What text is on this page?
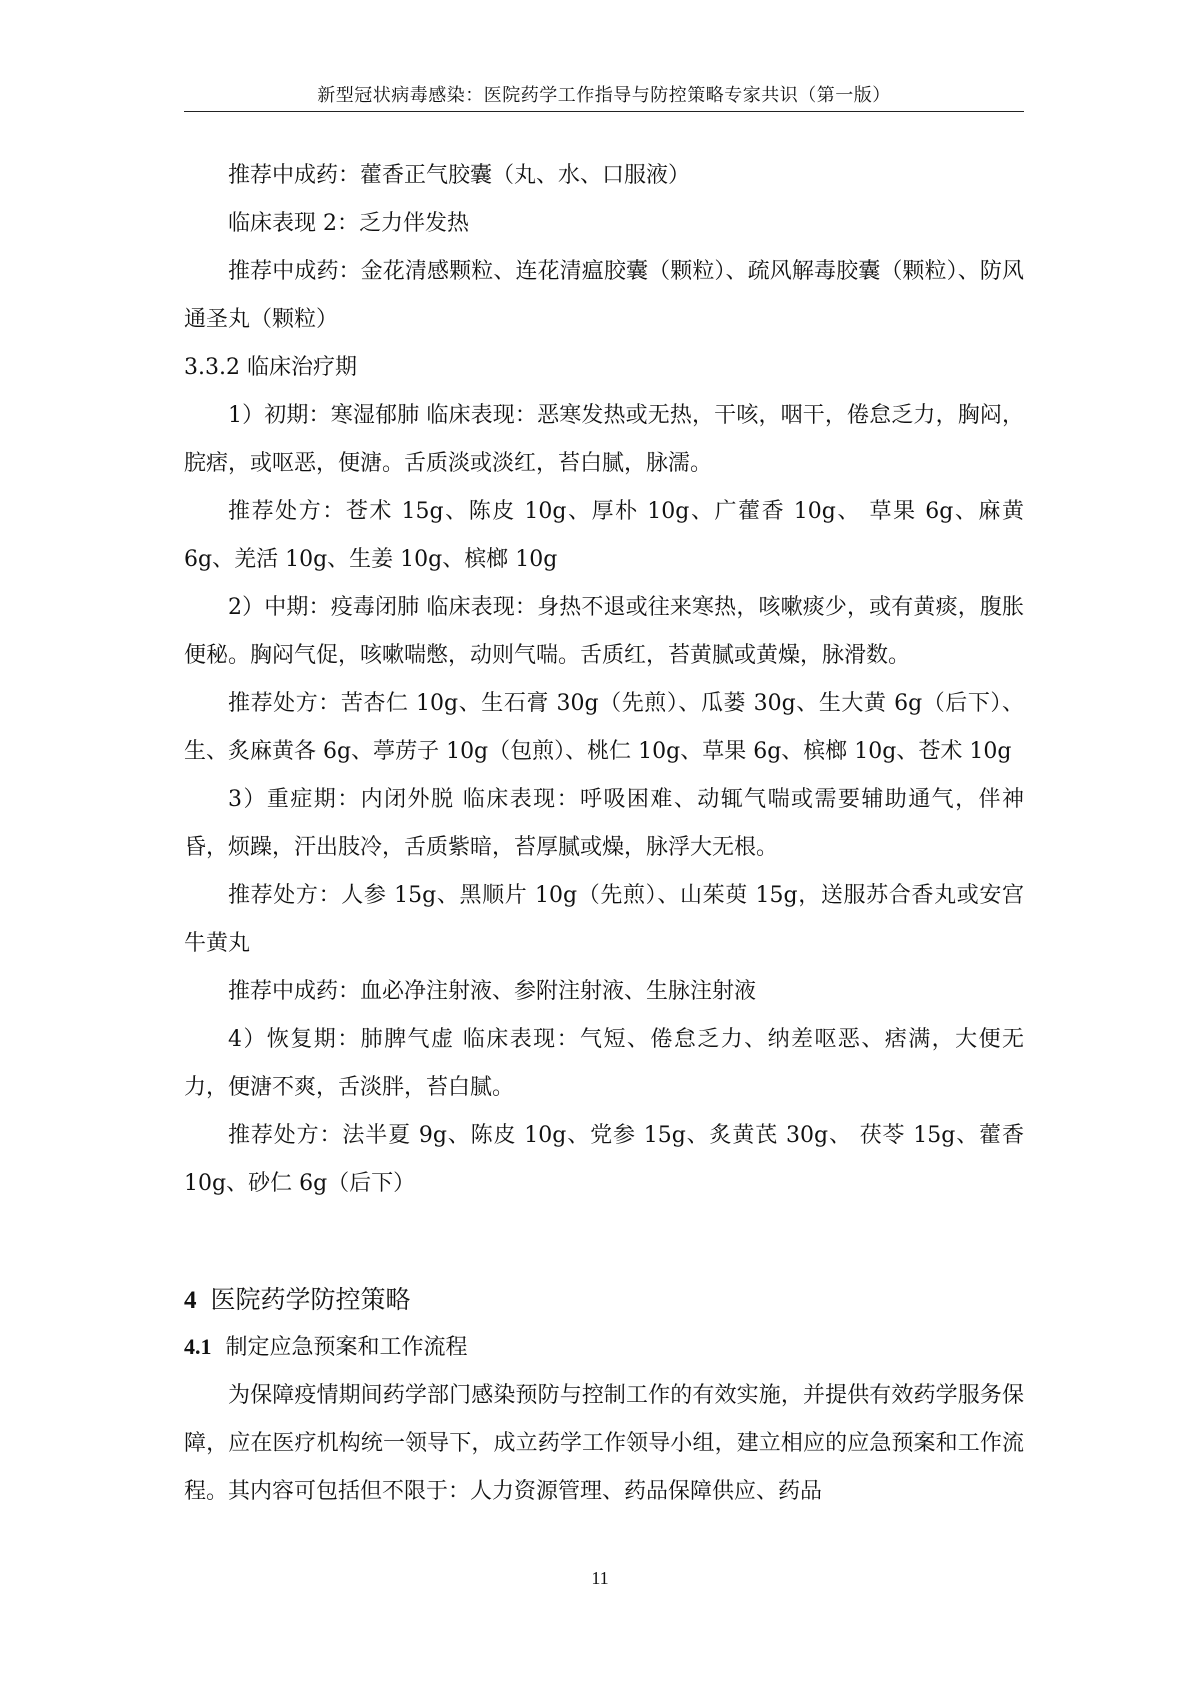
新型冠状病毒感染：医院药学工作指导与防控策略专家共识（第一版）

推荐中成药：藿香正气胶囊（丸、水、口服液）

临床表现 2：乏力伴发热

推荐中成药：金花清感颗粒、连花清瘟胶囊（颗粒）、疏风解毒胶囊（颗粒）、防风通圣丸（颗粒）

3.3.2 临床治疗期

1）初期：寒湿郁肺 临床表现：恶寒发热或无热，干咳，咽干，倦怠乏力，胸闷，脘痞，或呕恶，便溏。舌质淡或淡红，苔白腻，脉濡。

推荐处方：苍术 15g、陈皮 10g、厚朴 10g、广藿香 10g、 草果 6g、麻黄 6g、羌活 10g、生姜 10g、槟榔 10g

2）中期：疫毒闭肺 临床表现：身热不退或往来寒热，咳嗽痰少，或有黄痰，腹胀便秘。胸闷气促，咳嗽喘憋，动则气喘。舌质红，苔黄腻或黄燥，脉滑数。

推荐处方：苦杏仁 10g、生石膏 30g（先煎）、瓜蒌 30g、生大黄 6g（后下）、生、炙麻黄各 6g、葶苈子 10g（包煎）、桃仁 10g、草果 6g、槟榔 10g、苍术 10g

3）重症期：内闭外脱 临床表现：呼吸困难、动辄气喘或需要辅助通气，伴神 昏，烦躁，汗出肢冷，舌质紫暗，苔厚腻或燥，脉浮大无根。

推荐处方：人参 15g、黑顺片 10g（先煎）、山茱萸 15g，送服苏合香丸或安宫牛黄丸

推荐中成药：血必净注射液、参附注射液、生脉注射液

4）恢复期：肺脾气虚 临床表现：气短、倦怠乏力、纳差呕恶、痞满，大便无 力，便溏不爽，舌淡胖，苔白腻。

推荐处方：法半夏 9g、陈皮 10g、党参 15g、炙黄芪 30g、 茯苓 15g、藿香 10g、砂仁 6g（后下）

4 医院药学防控策略
4.1 制定应急预案和工作流程

为保障疫情期间药学部门感染预防与控制工作的有效实施，并提供有效药学服务保障，应在医疗机构统一领导下，成立药学工作领导小组，建立相应的应急预案和工作流程。其内容可包括但不限于：人力资源管理、药品保障供应、药品

11
